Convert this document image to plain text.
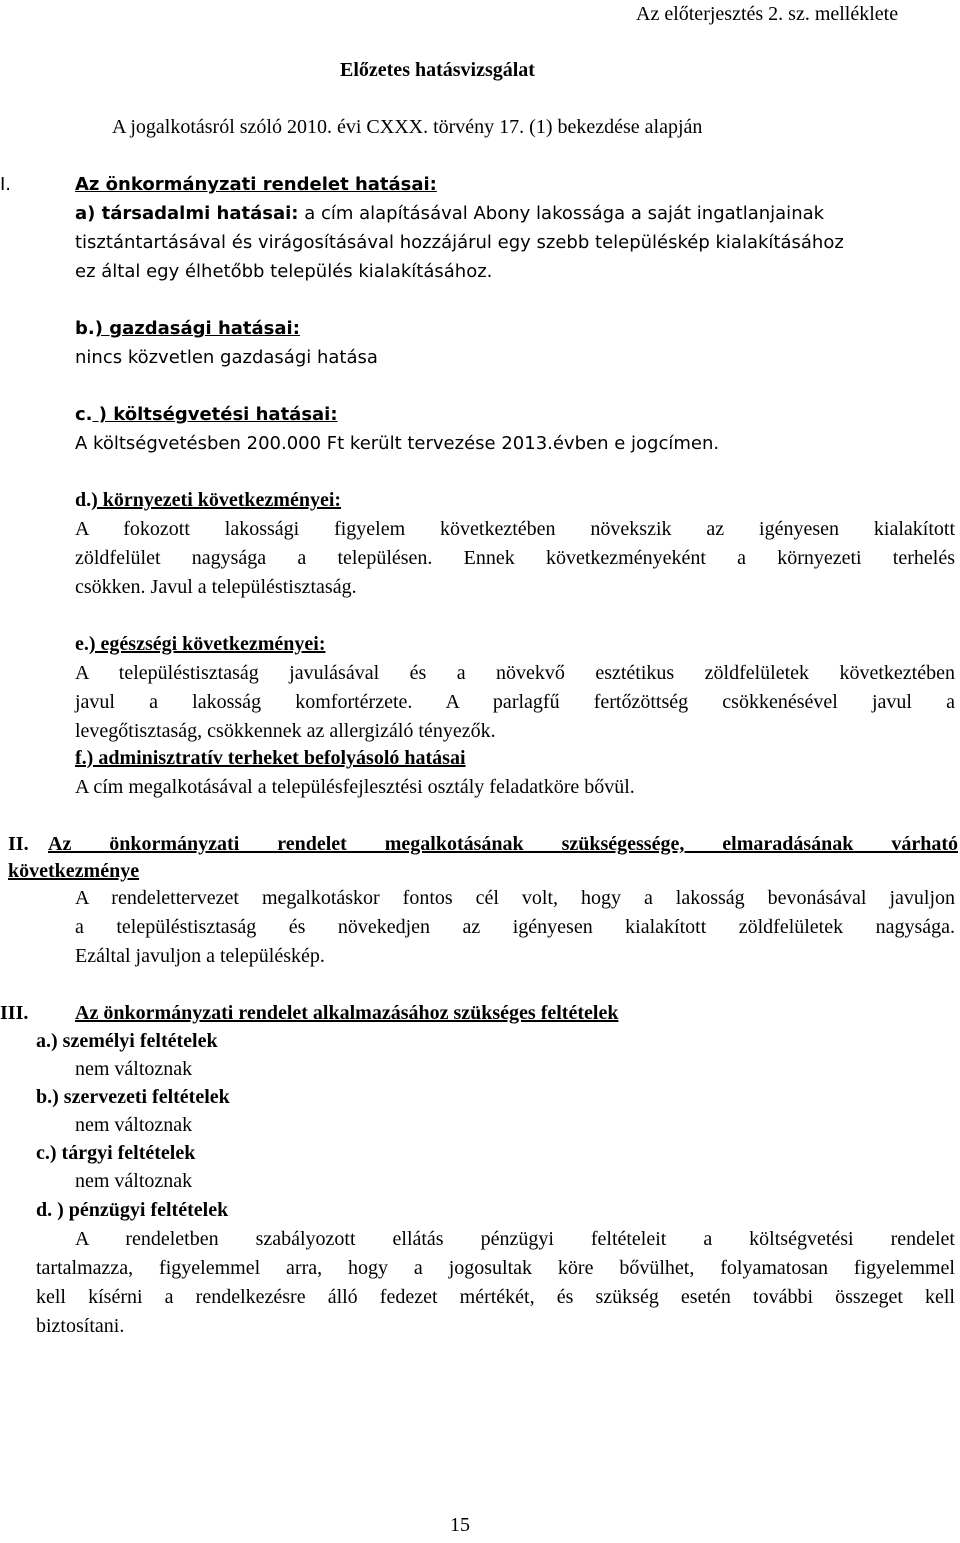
Az előterjesztés 2. sz. melléklete
Előzetes hatásvizsgálat
A jogalkotásról szóló 2010. évi CXXX. törvény 17. (1) bekezdése alapján
I.	Az önkormányzati rendelet hatásai:
a) társadalmi hatásai: a cím alapításával Abony lakossága a saját ingatlanjainak
tisztántartásával és virágosításával hozzájárul egy szebb településkép kialakításához
ez által egy élhetőbb település kialakításához.
b.) gazdasági hatásai:
nincs közvetlen gazdasági hatása
c. ) költségvetési hatásai:
A költségvetésben 200.000 Ft került tervezése 2013.évben e jogcímen.
d.) környezeti következményei:
A fokozott lakossági figyelem következtében növekszik az igényesen kialakított
zöldfelület nagysága a településen. Ennek következményeként a környezeti terhelés
csökken. Javul a településtisztaság.
e.) egészségi következményei:
A településtisztaság javulásával és a növekvő esztétikus zöldfelületek következtében
javul a lakosság komfortérzete. A parlagfű fertőzöttség csökkenésével javul a
levegőtisztaság, csökkennek az allergizáló tényezők.
f.) adminisztratív terheket befolyásoló hatásai
A cím megalkotásával a településfejlesztési osztály feladatköre bővül.
II. Az önkormányzati rendelet megalkotásának szükségessége, elmaradásának várható
következménye
A rendelettervezet megalkotáskor fontos cél volt, hogy a lakosság bevonásával javuljon
a településtisztaság és növekedjen az igényesen kialakított zöldfelületek nagysága.
Ezáltal javuljon a településkép.
III. Az önkormányzati rendelet alkalmazásához szükséges feltételek
a.) személyi feltételek
nem változnak
b.) szervezeti feltételek
nem változnak
c.) tárgyi feltételek
nem változnak
d. ) pénzügyi feltételek
A rendeletben szabályozott ellátás pénzügyi feltételeit a költségvetési rendelet
tartalmazza, figyelemmel arra, hogy a jogosultak köre bővülhet, folyamatosan figyelemmel
kell kísérni a rendelkezésre álló fedezet mértékét, és szükség esetén további összeget kell
biztosítani.
15
